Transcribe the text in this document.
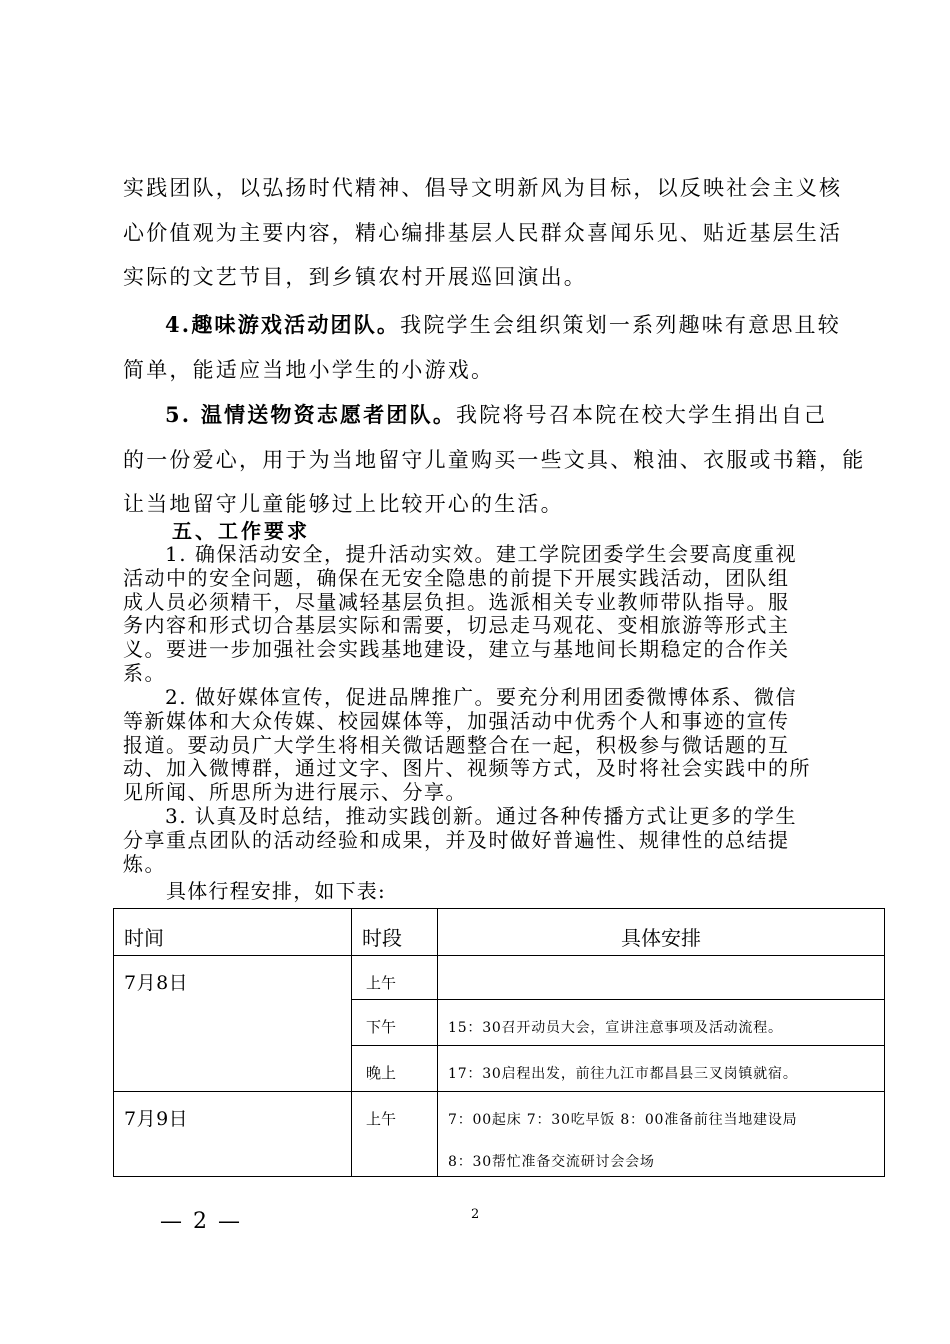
实践团队，以弘扬时代精神、倡导文明新风为目标，以反映社会主义核
心价值观为主要内容，精心编排基层人民群众喜闻乐见、贴近基层生活
实际的文艺节目，到乡镇农村开展巡回演出。
4.趣味游戏活动团队。我院学生会组织策划一系列趣味有意思且较
简单，能适应当地小学生的小游戏。
5. 温情送物资志愿者团队。我院将号召本院在校大学生捐出自己
的一份爱心，用于为当地留守儿童购买一些文具、粮油、衣服或书籍，能
让当地留守儿童能够过上比较开心的生活。
五、工作要求
1. 确保活动安全，提升活动实效。建工学院团委学生会要高度重视
活动中的安全问题，确保在无安全隐患的前提下开展实践活动，团队组
成人员必须精干，尽量减轻基层负担。选派相关专业教师带队指导。服
务内容和形式切合基层实际和需要，切忌走马观花、变相旅游等形式主
义。要进一步加强社会实践基地建设，建立与基地间长期稳定的合作关
系。
2. 做好媒体宣传，促进品牌推广。要充分利用团委微博体系、微信
等新媒体和大众传媒、校园媒体等，加强活动中优秀个人和事迹的宣传
报道。要动员广大学生将相关微话题整合在一起，积极参与微话题的互
动、加入微博群，通过文字、图片、视频等方式，及时将社会实践中的所
见所闻、所思所为进行展示、分享。
3. 认真及时总结，推动实践创新。通过各种传播方式让更多的学生
分享重点团队的活动经验和成果，并及时做好普遍性、规律性的总结提
炼。
具体行程安排，如下表:
时间	时段	具体安排

7月8日	上午	

	下午	15：30召开动员大会，宣讲注意事项及活动流程。

	晚上	17：30启程出发，前往九江市都昌县三叉岗镇就宿。

7月9日	上午	7：00起床 7：30吃早饭 8：00准备前往当地建设局
8：30帮忙准备交流研讨会会场
— 2 —	2
